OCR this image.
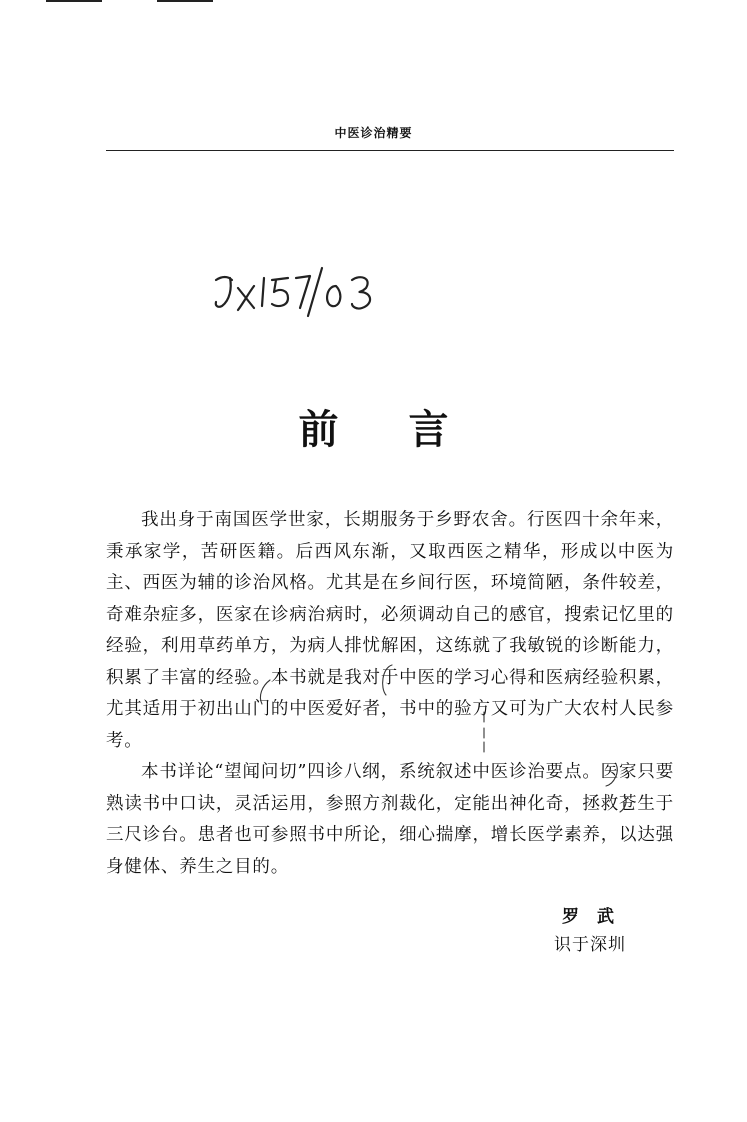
中医诊治精要
前言

我出身于南国医学世家，长期服务于乡野农舍。行医四十余年来，秉承家学，苦研医籍。后西风东渐，又取西医之精华，形成以中医为主、西医为辅的诊治风格。尤其是在乡间行医，环境简陋，条件较差，奇难杂症多，医家在诊病治病时，必须调动自己的感官，搜索记忆里的经验，利用草药单方，为病人排忧解困，这练就了我敏锐的诊断能力，积累了丰富的经验。本书就是我对于中医的学习心得和医病经验积累，尤其适用于初出山门的中医爱好者，书中的验方又可为广大农村人民参考。

本书详论“望闻问切”四诊八纲，系统叙述中医诊治要点。医家只要熟读书中口诀，灵活运用，参照方剂裁化，定能出神化奇，拯救苍生于三尺诊台。患者也可参照书中所论，细心揣摩，增长医学素养，以达强身健体、养生之目的。

罗武
识于深圳
